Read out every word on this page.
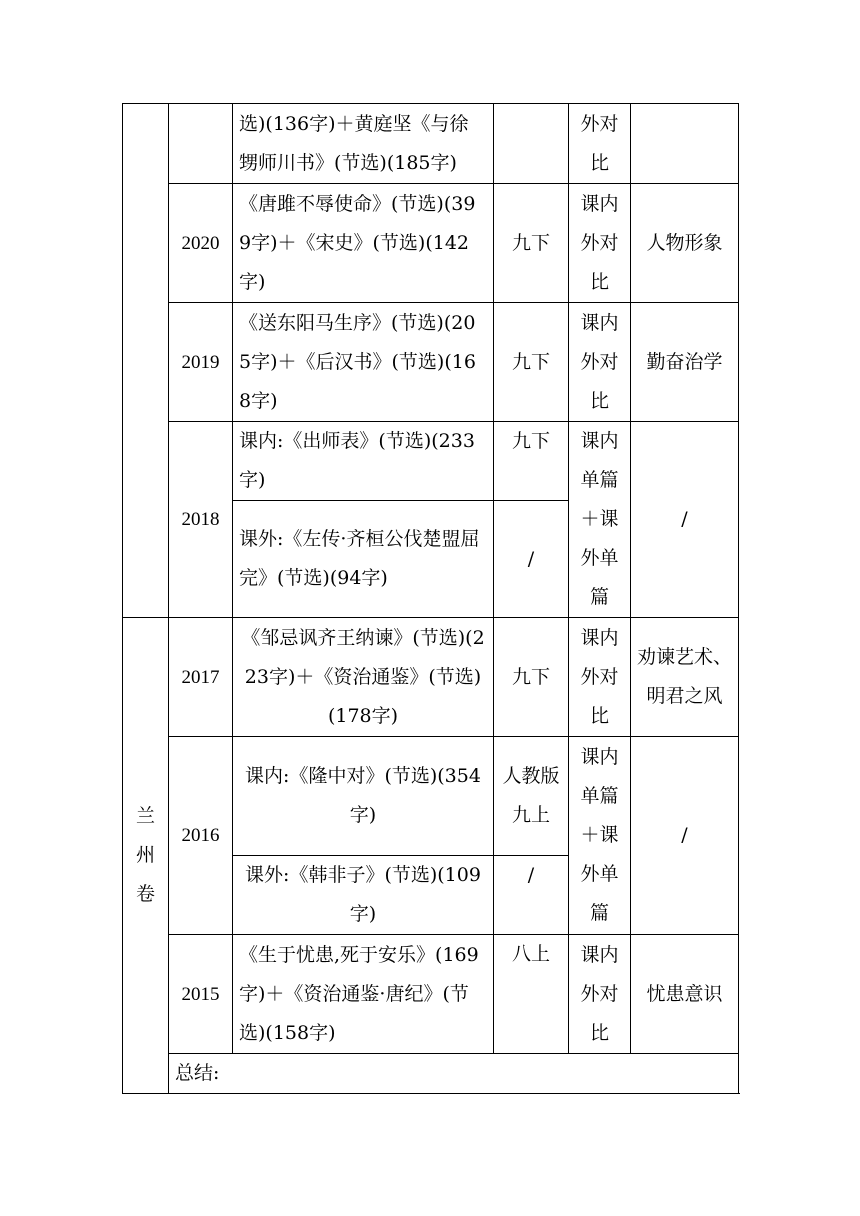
		选)(136字)＋黄庭坚《与徐甥师川书》(节选)(185字)		外对比	
	2020	《唐雎不辱使命》(节选)(399字)＋《宋史》(节选)(142字)	九下	课内外对比	人物形象
	2019	《送东阳马生序》(节选)(205字)＋《后汉书》(节选)(168字)	九下	课内外对比	勤奋治学
	2018	课内:《出师表》(节选)(233字)	九下	课内单篇＋课外单篇	/
		课外:《左传·齐桓公伐楚盟屈完》(节选)(94字)	/		

兰州卷	2017	《邹忌讽齐王纳谏》(节选)(223字)＋《资治通鉴》(节选)(178字)	九下	课内外对比	劝谏艺术、明君之风
	2016	课内:《隆中对》(节选)(354字)	人教版九上	课内单篇＋课外单篇	/
		课外:《韩非子》(节选)(109字)	/		
	2015	《生于忧患,死于安乐》(169字)＋《资治通鉴·唐纪》(节选)(158字)	八上	课内外对比	忧患意识
	总结:				
